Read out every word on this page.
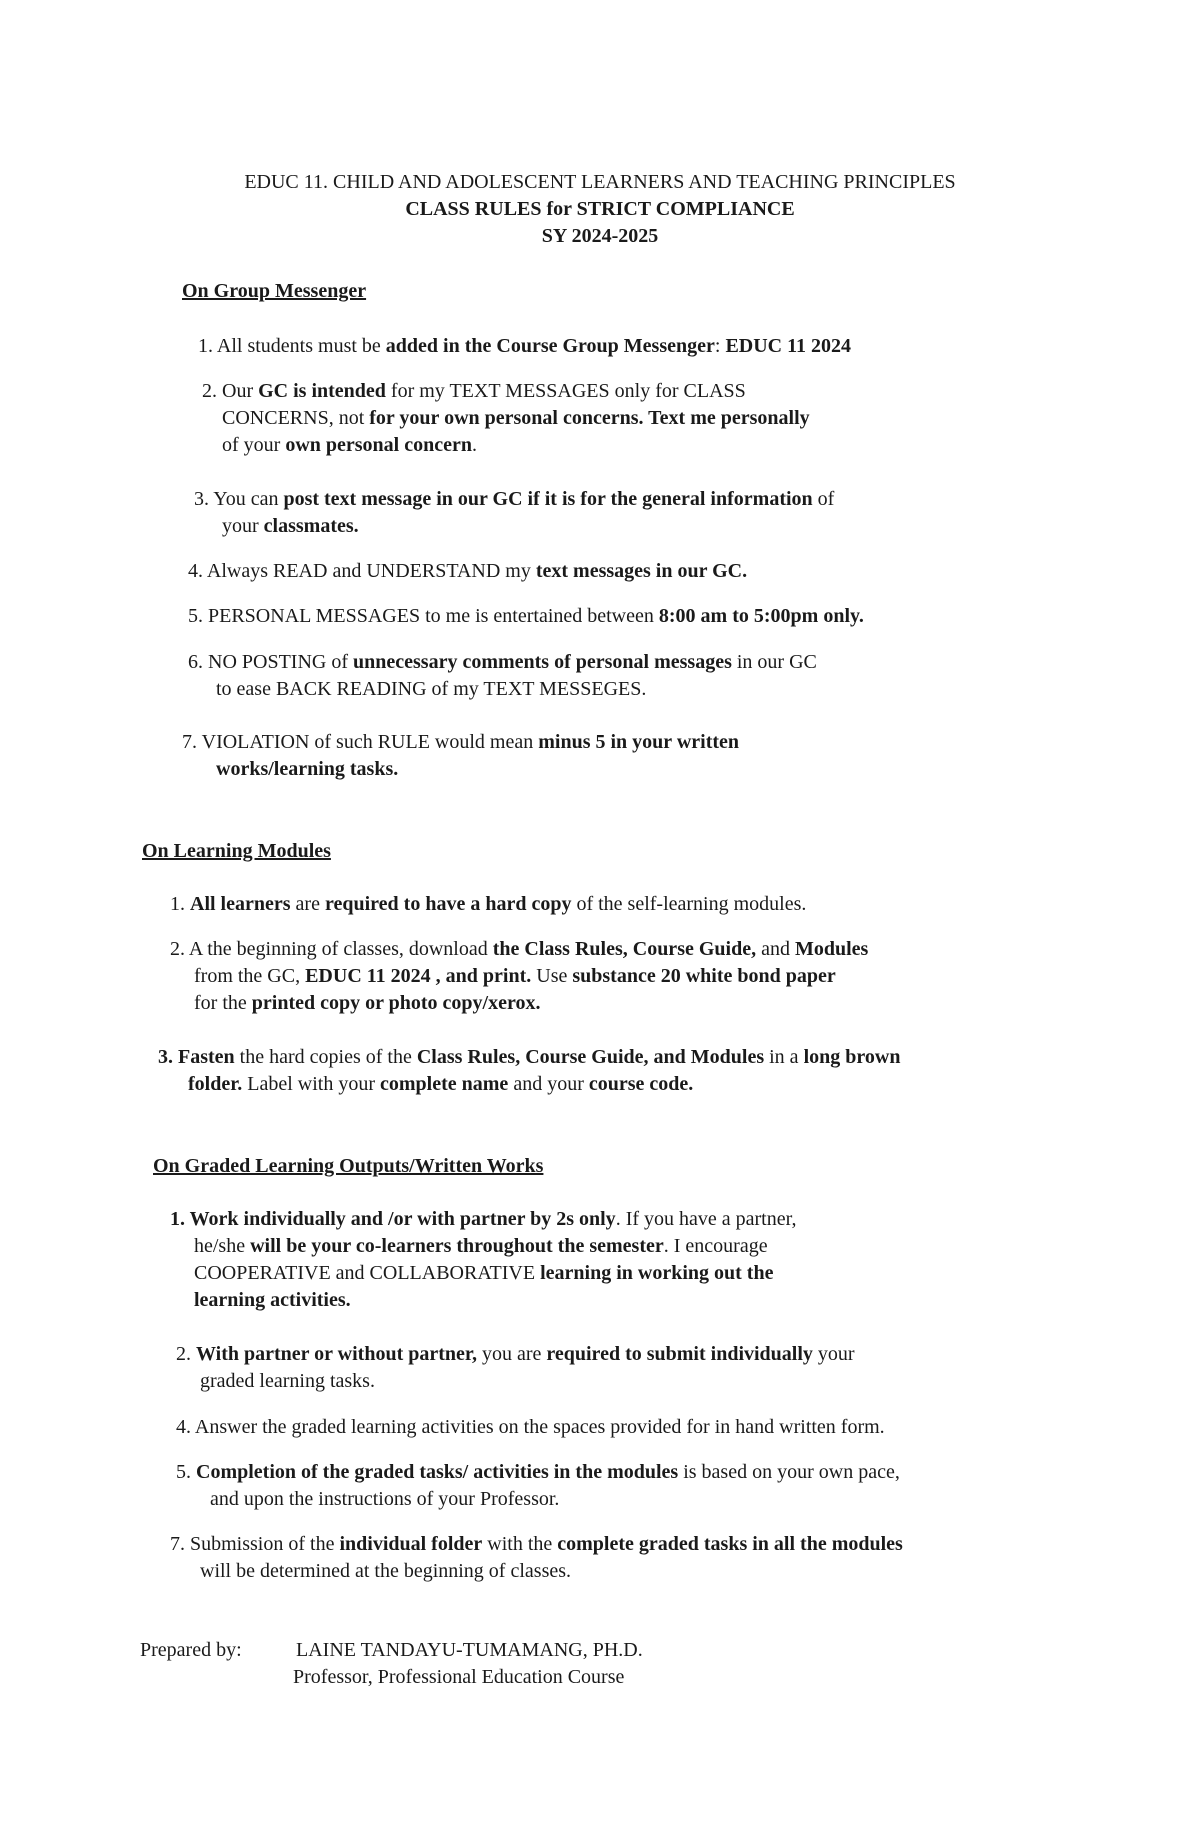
EDUC 11. CHILD AND ADOLESCENT LEARNERS AND TEACHING PRINCIPLES
CLASS RULES for STRICT COMPLIANCE
SY 2024-2025
On Group Messenger
1. All students must be added in the Course Group Messenger: EDUC 11 2024
2. Our GC is intended for my TEXT MESSAGES only for CLASS
CONCERNS, not for your own personal concerns. Text me personally
of your own personal concern.
3. You can post text message in our GC if it is for the general information of
your classmates.
4. Always READ and UNDERSTAND my text messages in our GC.
5. PERSONAL MESSAGES to me is entertained between 8:00 am to 5:00pm only.
6. NO POSTING of unnecessary comments of personal messages in our GC
to ease BACK READING of my TEXT MESSEGES.
7. VIOLATION of such RULE would mean minus 5 in your written
works/learning tasks.
On Learning Modules
1. All learners are required to have a hard copy of the self-learning modules.
2. A the beginning of classes, download the Class Rules, Course Guide, and Modules
from the GC, EDUC 11 2024 , and print. Use substance 20 white bond paper
for the printed copy or photo copy/xerox.
3. Fasten the hard copies of the Class Rules, Course Guide, and Modules in a long brown
folder. Label with your complete name and your course code.
On Graded Learning Outputs/Written Works
1. Work individually and /or with partner by 2s only. If you have a partner,
he/she will be your co-learners throughout the semester. I encourage
COOPERATIVE and COLLABORATIVE learning in working out the
learning activities.
2. With partner or without partner, you are required to submit individually your
graded learning tasks.
4. Answer the graded learning activities on the spaces provided for in hand written form.
5. Completion of the graded tasks/ activities in the modules is based on your own pace,
and upon the instructions of your Professor.
7. Submission of the individual folder with the complete graded tasks in all the modules
will be determined at the beginning of classes.
Prepared by:	LAINE TANDAYU-TUMAMANG, PH.D.
Professor, Professional Education Course
